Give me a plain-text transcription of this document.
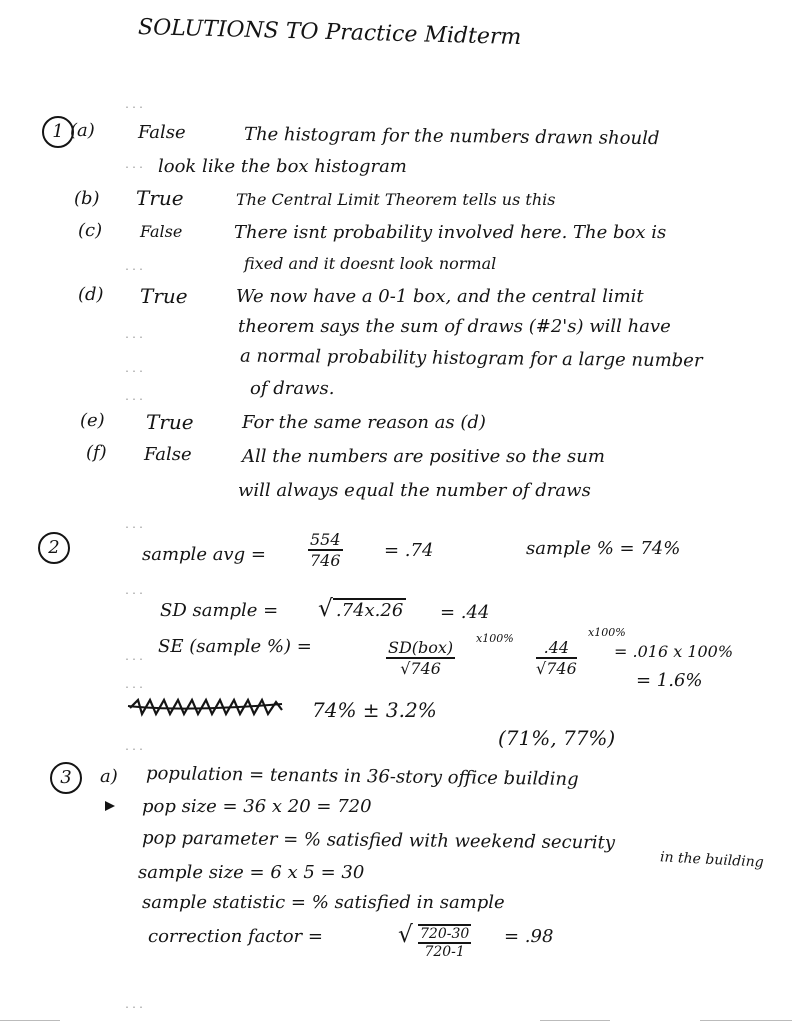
SOLUTIONS TO Practice Midterm
...
...
...
...
...
...
...
...
...
...
...
...
1 (a) False	The histogram for the numbers drawn should
look like the box histogram
(b) True	The Central Limit Theorem tells us this
(c) False	There isnt probability involved here. The box is
fixed and it doesnt look normal
(d) True	We now have a 0-1 box, and the central limit
theorem says the sum of draws (#2's) will have
a normal probability histogram for a large number
of draws.
(e) True	For the same reason as (d)
(f) False	All the numbers are positive so the sum
will always equal the number of draws
2	sample avg =	$\frac{554}{746} = .74$	sample % = 74%
SD sample = √ .74x.26 = .44
SE (sample %) =	SD(box)
√746
$x100\% \frac{.44}{√746}$
x100%
= .016 x 100%
= 1.6%
74% ± 3.2%
(71%, 77%)
3	a) population = tenants in 36-story office building
pop size = 36 x 20 = 720
pop parameter = % satisfied with weekend security
in the building
sample size = 6 x 5 = 30
sample statistic = % satisfied in sample
correction factor =	√ $\frac{720-30}{720-1} = .98$
